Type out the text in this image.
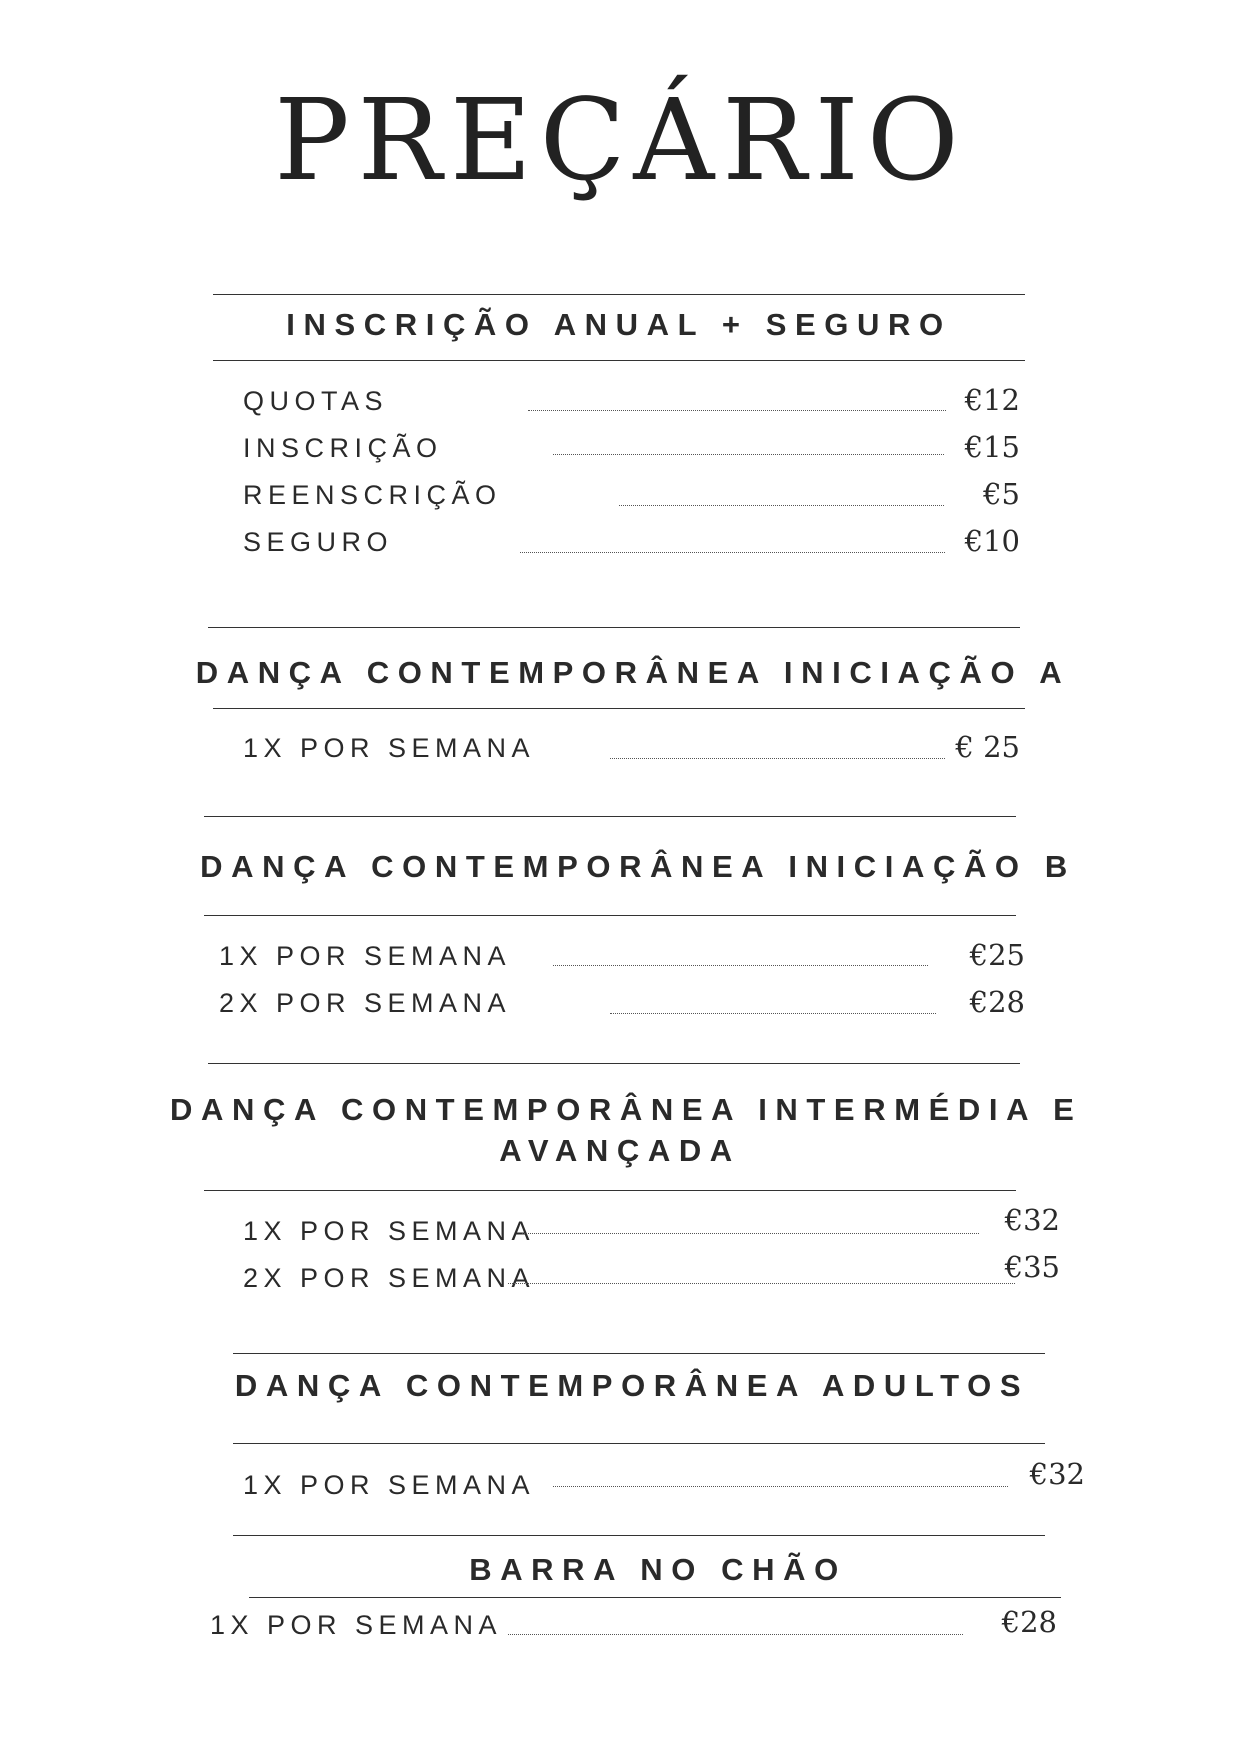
PREÇÁRIO
INSCRIÇÃO ANUAL + SEGURO
QUOTAS	€12
INSCRIÇÃO	€15
REENSCRIÇÃO	€5
SEGURO	€10
DANÇA CONTEMPORÂNEA INICIAÇÃO A
1X POR SEMANA	€ 25
DANÇA CONTEMPORÂNEA INICIAÇÃO B
1X POR SEMANA	€25
2X POR SEMANA	€28
DANÇA CONTEMPORÂNEA INTERMÉDIA E
AVANÇADA
1X POR SEMANA	€32
2X POR SEMANA	€35
DANÇA CONTEMPORÂNEA ADULTOS
1X POR SEMANA	€32
BARRA NO CHÃO
1X POR SEMANA	€28
